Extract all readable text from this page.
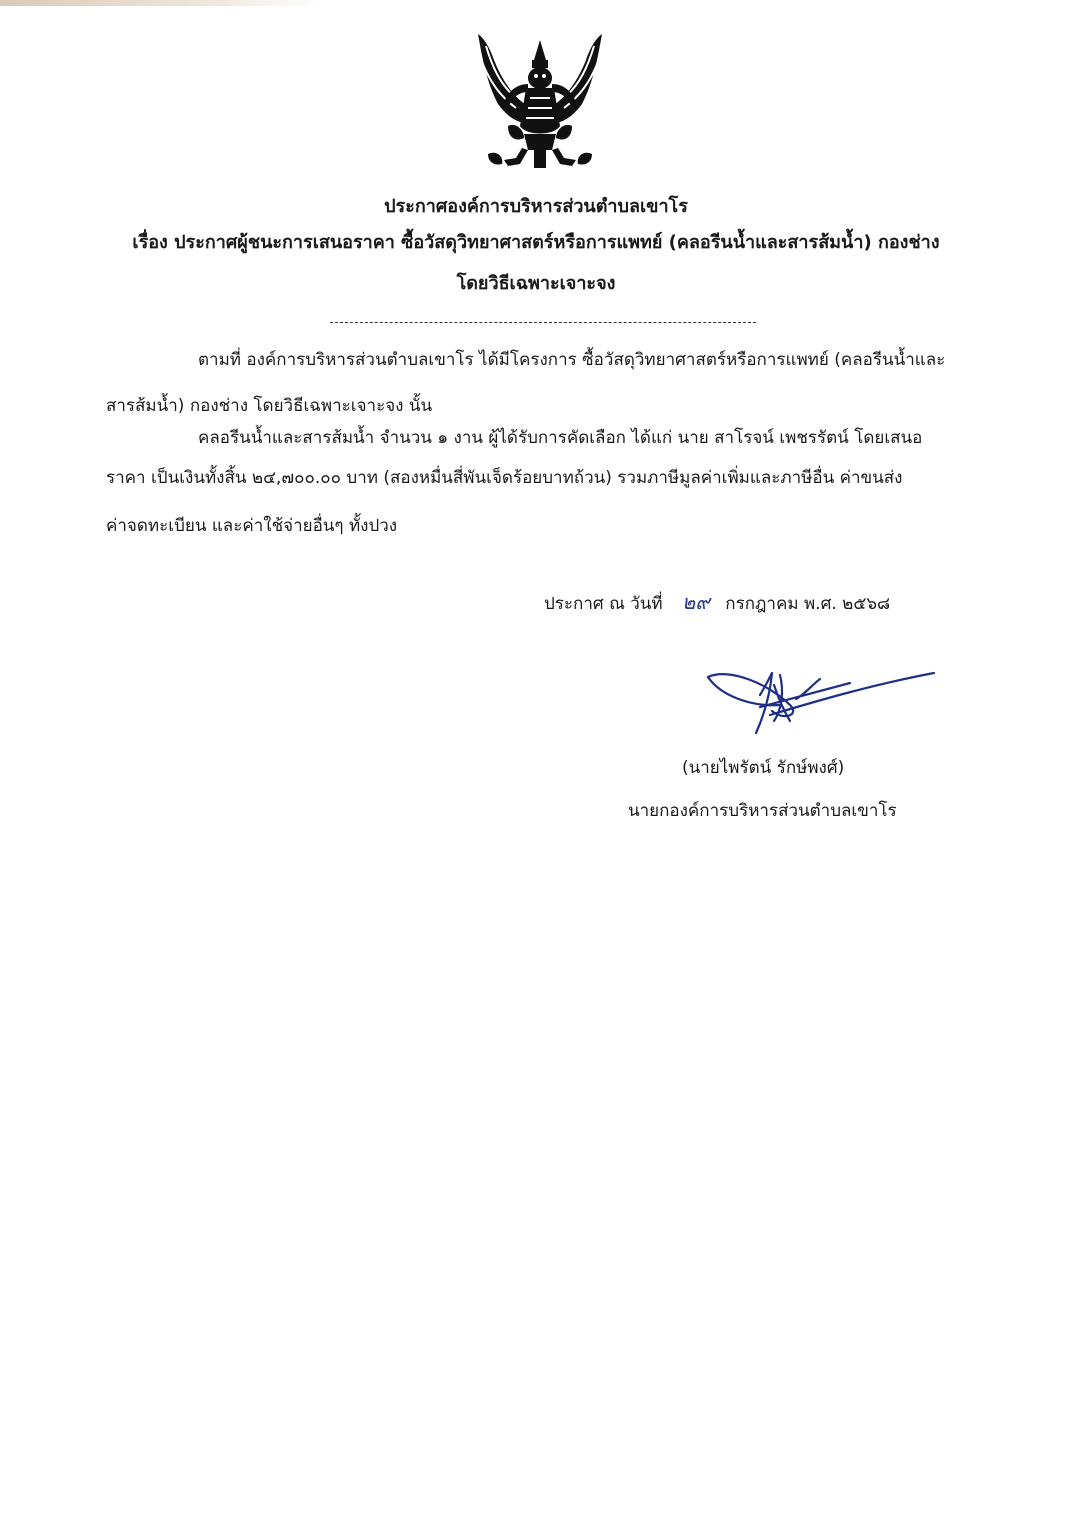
ประกาศองค์การบริหารส่วนตำบลเขาโร
เรื่อง ประกาศผู้ชนะการเสนอราคา ซื้อวัสดุวิทยาศาสตร์หรือการแพทย์ (คลอรีนน้ำและสารส้มน้ำ) กองช่าง
โดยวิธีเฉพาะเจาะจง
ตามที่ องค์การบริหารส่วนตำบลเขาโร ได้มีโครงการ ซื้อวัสดุวิทยาศาสตร์หรือการแพทย์ (คลอรีนน้ำและ
สารส้มน้ำ) กองช่าง โดยวิธีเฉพาะเจาะจง นั้น
คลอรีนน้ำและสารส้มน้ำ จำนวน ๑ งาน ผู้ได้รับการคัดเลือก ได้แก่ นาย สาโรจน์ เพชรรัตน์ โดยเสนอ
ราคา เป็นเงินทั้งสิ้น ๒๔,๗๐๐.๐๐ บาท (สองหมื่นสี่พันเจ็ดร้อยบาทถ้วน) รวมภาษีมูลค่าเพิ่มและภาษีอื่น ค่าขนส่ง
ค่าจดทะเบียน และค่าใช้จ่ายอื่นๆ ทั้งปวง
ประกาศ ณ วันที่ ๒๙ กรกฎาคม พ.ศ. ๒๕๖๘
(นายไพรัตน์ รักษ์พงศ์)
นายกองค์การบริหารส่วนตำบลเขาโร
